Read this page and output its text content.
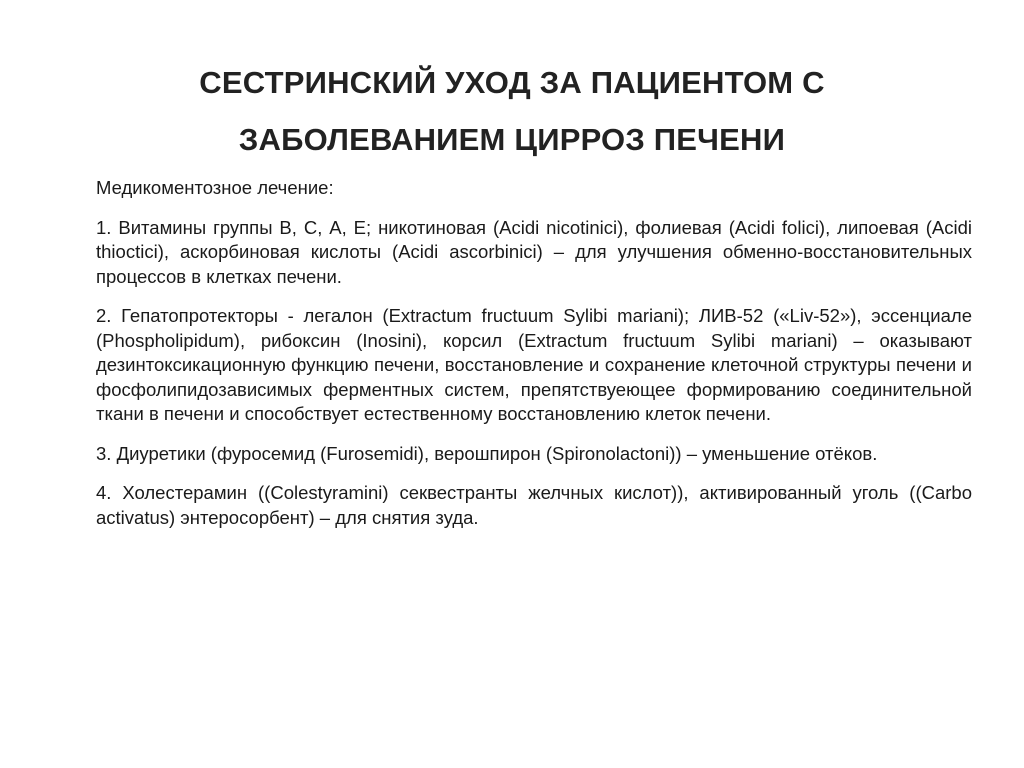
СЕСТРИНСКИЙ УХОД ЗА ПАЦИЕНТОМ С
ЗАБОЛЕВАНИЕМ ЦИРРОЗ ПЕЧЕНИ

Медикоментозное лечение:

1. Витамины группы В, С, А, Е; никотиновая (Acidi nicotinici), фолиевая (Acidi folici), липоевая (Acidi thioctici), аскорбиновая кислоты (Acidi ascorbinici) – для улучшения обменно-восстановительных процессов в клетках печени.

2. Гепатопротекторы - легалон (Extractum fructuum Sylibi mariani); ЛИВ-52 («Liv-52»), эссенциале (Phospholipidum), рибоксин (Inosini), корсил (Extractum fructuum Sylibi mariani) – оказывают дезинтоксикационную функцию печени, восстановление и сохранение клеточной структуры печени и фосфолипидозависимых ферментных систем, препятствуеющее формированию соединительной ткани в печени и способствует естественному восстановлению клеток печени.

3. Диуретики (фуросемид (Furosemidi), верошпирон (Spironolactoni)) – уменьшение отёков.

4. Холестерамин ((Colestyramini) секвестранты желчных кислот)), активированный уголь ((Carbo activatus) энтеросорбент) – для снятия зуда.
